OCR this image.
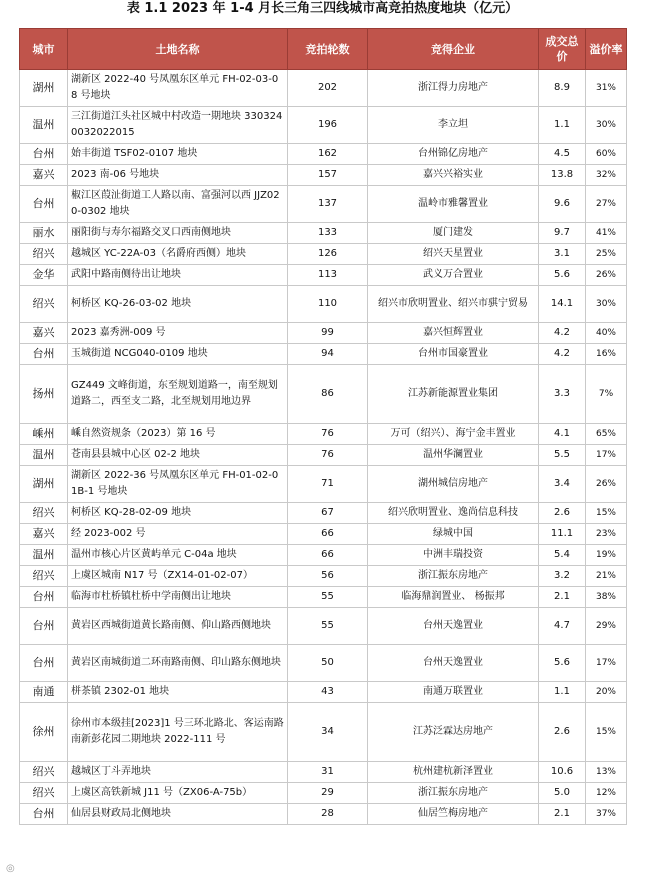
表 1.1 2023 年 1-4 月长三角三四线城市高竞拍热度地块（亿元）
城市	土地名称	竞拍轮数	竞得企业	成交总价	溢价率
湖州	湖新区 2022-40 号凤凰东区单元 FH-02-03-08 号地块	202	浙江得力房地产	8.9	31%
温州	三江街道江头社区城中村改造一期地块 3303240032022015	196	李立坦	1.1	30%
台州	始丰街道 TSF02-0107 地块	162	台州锦亿房地产	4.5	60%
嘉兴	2023 南-06 号地块	157	嘉兴兴裕实业	13.8	32%
台州	椒江区葭沚街道工人路以南、富强河以西 JJZ020-0302 地块	137	温岭市雅馨置业	9.6	27%
丽水	丽阳街与寿尔福路交叉口西南侧地块	133	厦门建发	9.7	41%
绍兴	越城区 YC-22A-03（名爵府西侧）地块	126	绍兴天星置业	3.1	25%
金华	武阳中路南侧待出让地块	113	武义万合置业	5.6	26%
绍兴	柯桥区 KQ-26-03-02 地块	110	绍兴市欣明置业、绍兴市骐宁贸易	14.1	30%
嘉兴	2023 嘉秀洲-009 号	99	嘉兴恒辉置业	4.2	40%
台州	玉城街道 NCG040-0109 地块	94	台州市国豪置业	4.2	16%
扬州	GZ449 文峰街道，东至规划道路一，南至规划道路二，西至支二路，北至规划用地边界	86	江苏新能源置业集团	3.3	7%
嵊州	嵊自然资规条（2023）第 16 号	76	万可（绍兴）、海宁金丰置业	4.1	65%
温州	苍南县县城中心区 02-2 地块	76	温州华澜置业	5.5	17%
湖州	湖新区 2022-36 号凤凰东区单元 FH-01-02-01B-1 号地块	71	湖州城信房地产	3.4	26%
绍兴	柯桥区 KQ-28-02-09 地块	67	绍兴欣明置业、逸尚信息科技	2.6	15%
嘉兴	经 2023-002 号	66	绿城中国	11.1	23%
温州	温州市核心片区黄屿单元 C-04a 地块	66	中洲丰瑞投资	5.4	19%
绍兴	上虞区城南 N17 号（ZX14-01-02-07）	56	浙江振东房地产	3.2	21%
台州	临海市杜桥镇杜桥中学南侧出让地块	55	临海鼎润置业、 杨振邦	2.1	38%
台州	黄岩区西城街道黄长路南侧、仰山路西侧地块	55	台州天逸置业	4.7	29%
台州	黄岩区南城街道二环南路南侧、印山路东侧地块	50	台州天逸置业	5.6	17%
南通	栟茶镇 2302-01 地块	43	南通万联置业	1.1	20%
徐州	徐州市本级挂[2023]1 号三环北路北、客运南路南新彭花园二期地块 2022-111 号	34	江苏泛霖达房地产	2.6	15%
绍兴	越城区丁斗弄地块	31	杭州建杭新泽置业	10.6	13%
绍兴	上虞区高铁新城 J11 号（ZX06-A-75b）	29	浙江振东房地产	5.0	12%
台州	仙居县财政局北侧地块	28	仙居竺梅房地产	2.1	37%
◎
